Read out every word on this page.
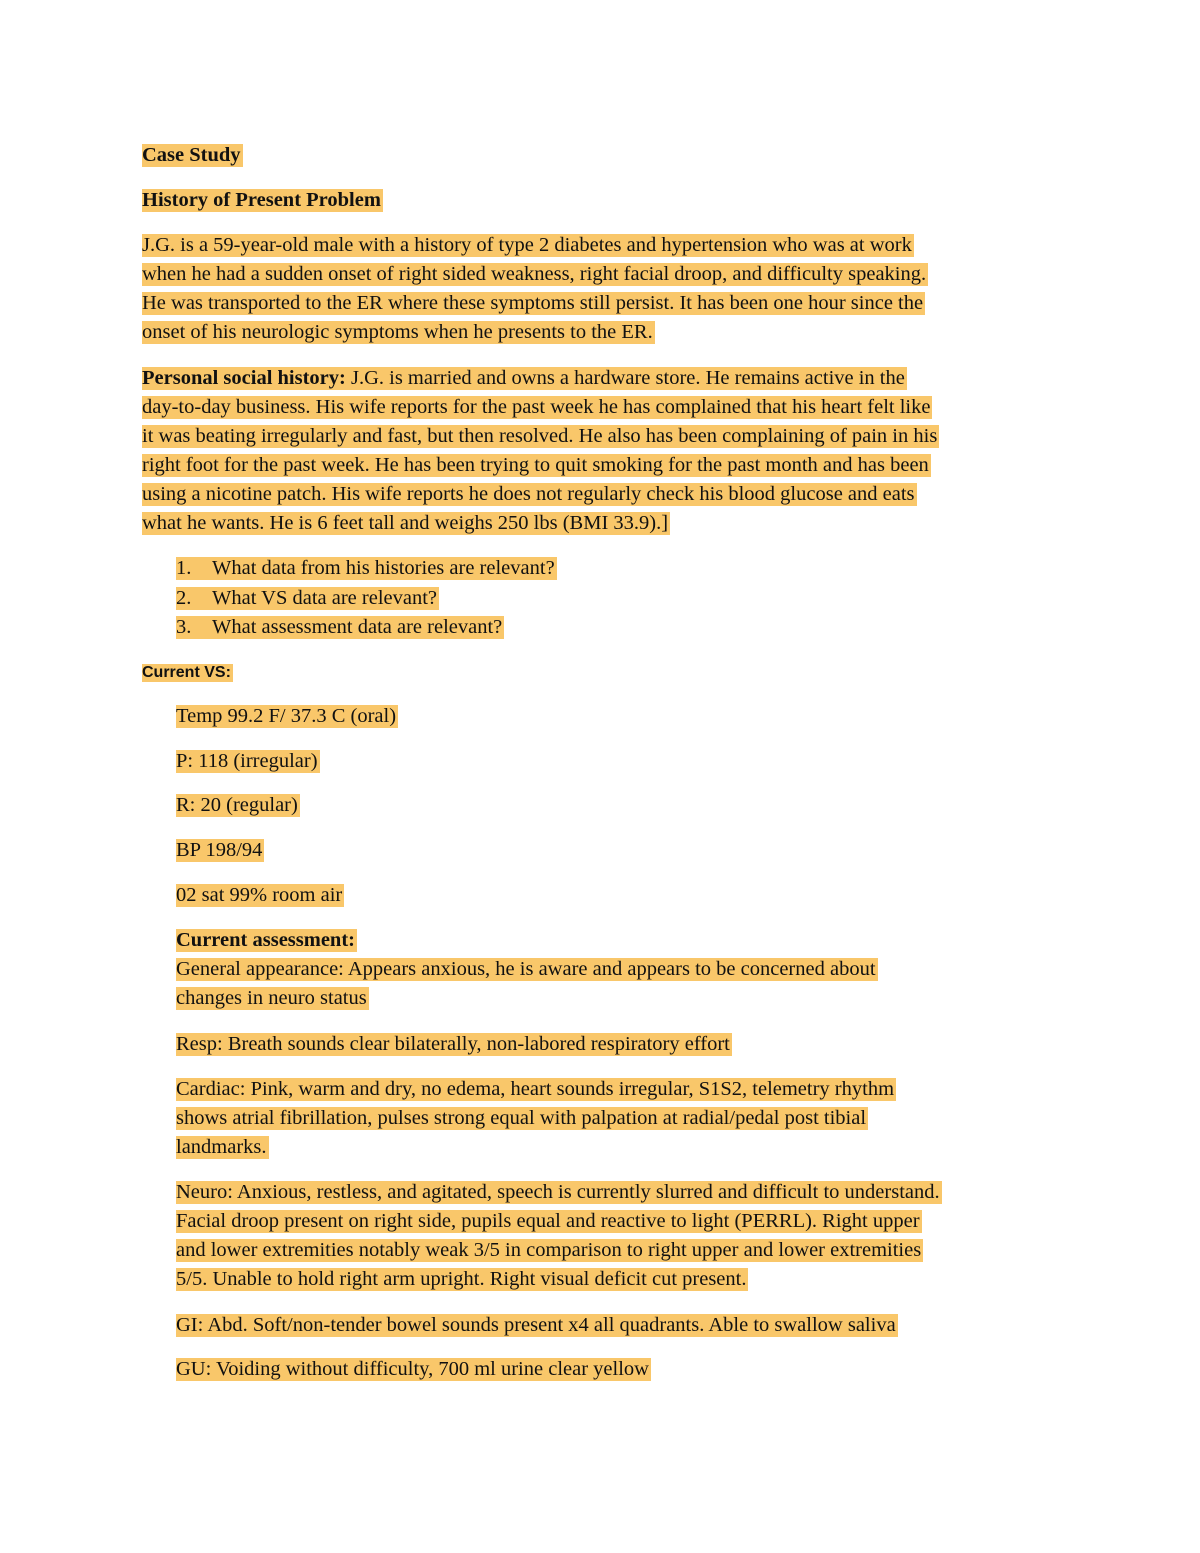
Case Study
History of Present Problem
J.G. is a 59-year-old male with a history of type 2 diabetes and hypertension who was at work
when he had a sudden onset of right sided weakness, right facial droop, and difficulty speaking.
He was transported to the ER where these symptoms still persist. It has been one hour since the
onset of his neurologic symptoms when he presents to the ER.
Personal social history: J.G. is married and owns a hardware store. He remains active in the
day-to-day business. His wife reports for the past week he has complained that his heart felt like
it was beating irregularly and fast, but then resolved. He also has been complaining of pain in his
right foot for the past week. He has been trying to quit smoking for the past month and has been
using a nicotine patch. His wife reports he does not regularly check his blood glucose and eats
what he wants. He is 6 feet tall and weighs 250 lbs (BMI 33.9).]
1. What data from his histories are relevant?
2. What VS data are relevant?
3. What assessment data are relevant?
Current VS:
Temp 99.2 F/ 37.3 C (oral)
P: 118 (irregular)
R: 20 (regular)
BP 198/94
02 sat 99% room air
Current assessment:
General appearance: Appears anxious, he is aware and appears to be concerned about
changes in neuro status
Resp: Breath sounds clear bilaterally, non-labored respiratory effort
Cardiac: Pink, warm and dry, no edema, heart sounds irregular, S1S2, telemetry rhythm
shows atrial fibrillation, pulses strong equal with palpation at radial/pedal post tibial
landmarks.
Neuro: Anxious, restless, and agitated, speech is currently slurred and difficult to understand.
Facial droop present on right side, pupils equal and reactive to light (PERRL). Right upper
and lower extremities notably weak 3/5 in comparison to right upper and lower extremities
5/5. Unable to hold right arm upright. Right visual deficit cut present.
GI: Abd. Soft/non-tender bowel sounds present x4 all quadrants. Able to swallow saliva
GU: Voiding without difficulty, 700 ml urine clear yellow
